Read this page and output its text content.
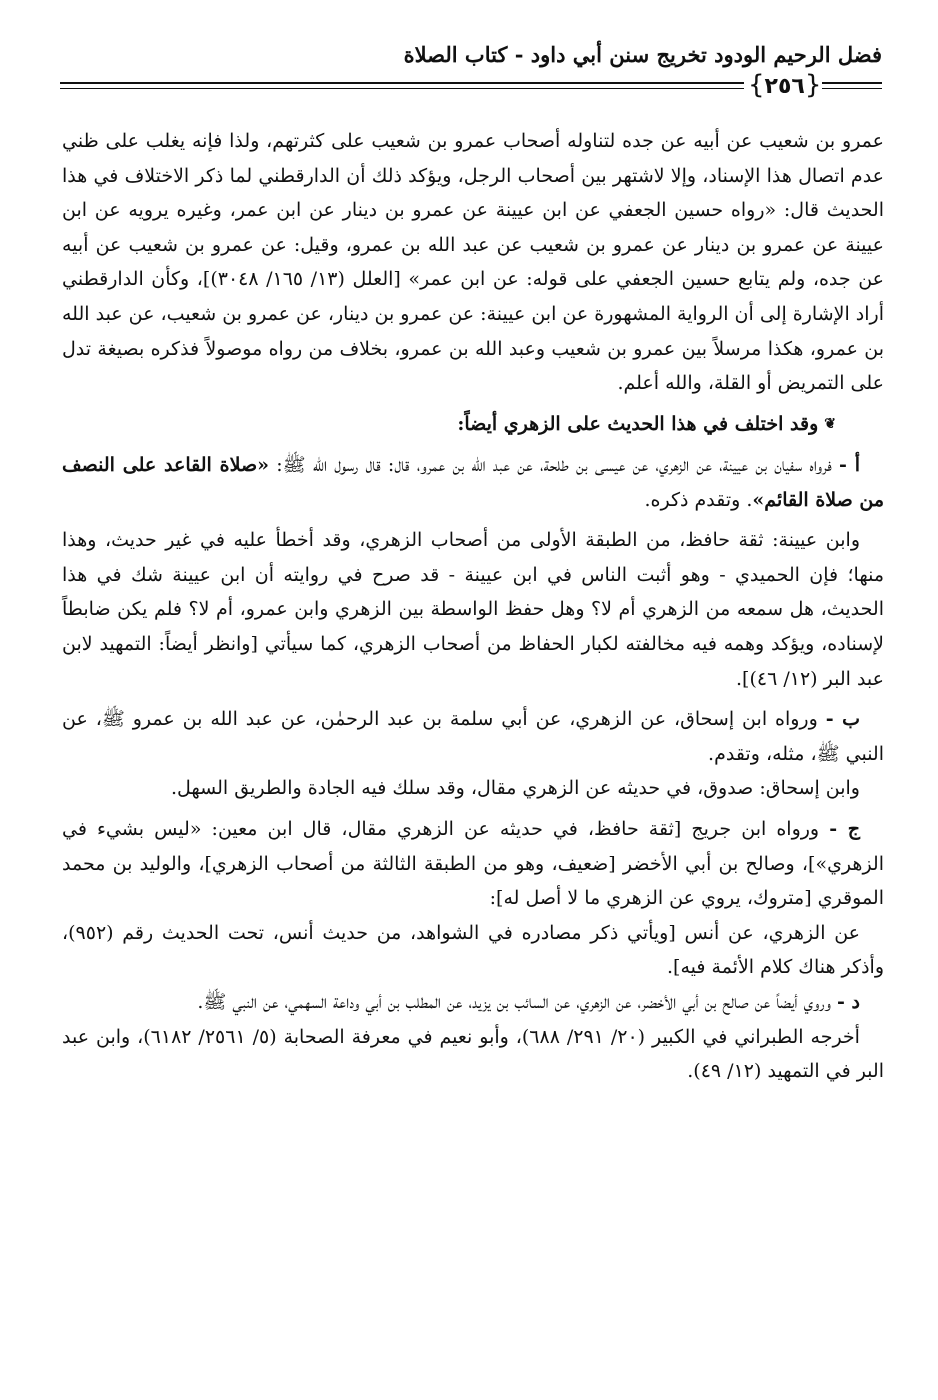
فضل الرحيم الودود تخريج سنن أبي داود - كتاب الصلاة
{٢٥٦}

عمرو بن شعيب عن أبيه عن جده لتناوله أصحاب عمرو بن شعيب على كثرتهم، ولذا فإنه يغلب على ظني عدم اتصال هذا الإسناد، وإلا لاشتهر بين أصحاب الرجل، ويؤكد ذلك أن الدارقطني لما ذكر الاختلاف في هذا الحديث قال: «رواه حسين الجعفي عن ابن عيينة عن عمرو بن دينار عن ابن عمر، وغيره يرويه عن ابن عيينة عن عمرو بن دينار عن عمرو بن شعيب عن عبد الله بن عمرو، وقيل: عن عمرو بن شعيب عن أبيه عن جده، ولم يتابع حسين الجعفي على قوله: عن ابن عمر» [العلل (١٣/ ١٦٥/ ٣٠٤٨)]، وكأن الدارقطني أراد الإشارة إلى أن الرواية المشهورة عن ابن عيينة: عن عمرو بن دينار، عن عمرو بن شعيب، عن عبد الله بن عمرو، هكذا مرسلاً بين عمرو بن شعيب وعبد الله بن عمرو، بخلاف من رواه موصولاً فذكره بصيغة تدل على التمريض أو القلة، والله أعلم.

❦وقد اختلف في هذا الحديث على الزهري أيضاً:

أ - فرواه سفيان بن عيينة، عن الزهري، عن عيسى بن طلحة، عن عبد الله بن عمرو، قال: قال رسول الله ﷺ: «صلاة القاعد على النصف من صلاة القائم». وتقدم ذكره.

وابن عيينة: ثقة حافظ، من الطبقة الأولى من أصحاب الزهري، وقد أخطأ عليه في غير حديث، وهذا منها؛ فإن الحميدي - وهو أثبت الناس في ابن عيينة - قد صرح في روايته أن ابن عيينة شك في هذا الحديث، هل سمعه من الزهري أم لا؟ وهل حفظ الواسطة بين الزهري وابن عمرو، أم لا؟ فلم يكن ضابطاً لإسناده، ويؤكد وهمه فيه مخالفته لكبار الحفاظ من أصحاب الزهري، كما سيأتي [وانظر أيضاً: التمهيد لابن عبد البر (١٢/ ٤٦)].

ب - ورواه ابن إسحاق، عن الزهري، عن أبي سلمة بن عبد الرحمٰن، عن عبد الله بن عمرو ﷺ، عن النبي ﷺ، مثله، وتقدم.

وابن إسحاق: صدوق، في حديثه عن الزهري مقال، وقد سلك فيه الجادة والطريق السهل.

ج - ورواه ابن جريج [ثقة حافظ، في حديثه عن الزهري مقال، قال ابن معين: «ليس بشيء في الزهري»]، وصالح بن أبي الأخضر [ضعيف، وهو من الطبقة الثالثة من أصحاب الزهري]، والوليد بن محمد الموقري [متروك، يروي عن الزهري ما لا أصل له]:

عن الزهري، عن أنس [ويأتي ذكر مصادره في الشواهد، من حديث أنس، تحت الحديث رقم (٩٥٢)، وأذكر هناك كلام الأئمة فيه].

د - وروي أيضاً عن صالح بن أبي الأخضر، عن الزهري، عن السائب بن يزيد، عن المطلب بن أبي وداعة السهمي، عن النبي ﷺ.

أخرجه الطبراني في الكبير (٢٠/ ٢٩١/ ٦٨٨)، وأبو نعيم في معرفة الصحابة (٥/ ٢٥٦١/ ٦١٨٢)، وابن عبد البر في التمهيد (١٢/ ٤٩).
